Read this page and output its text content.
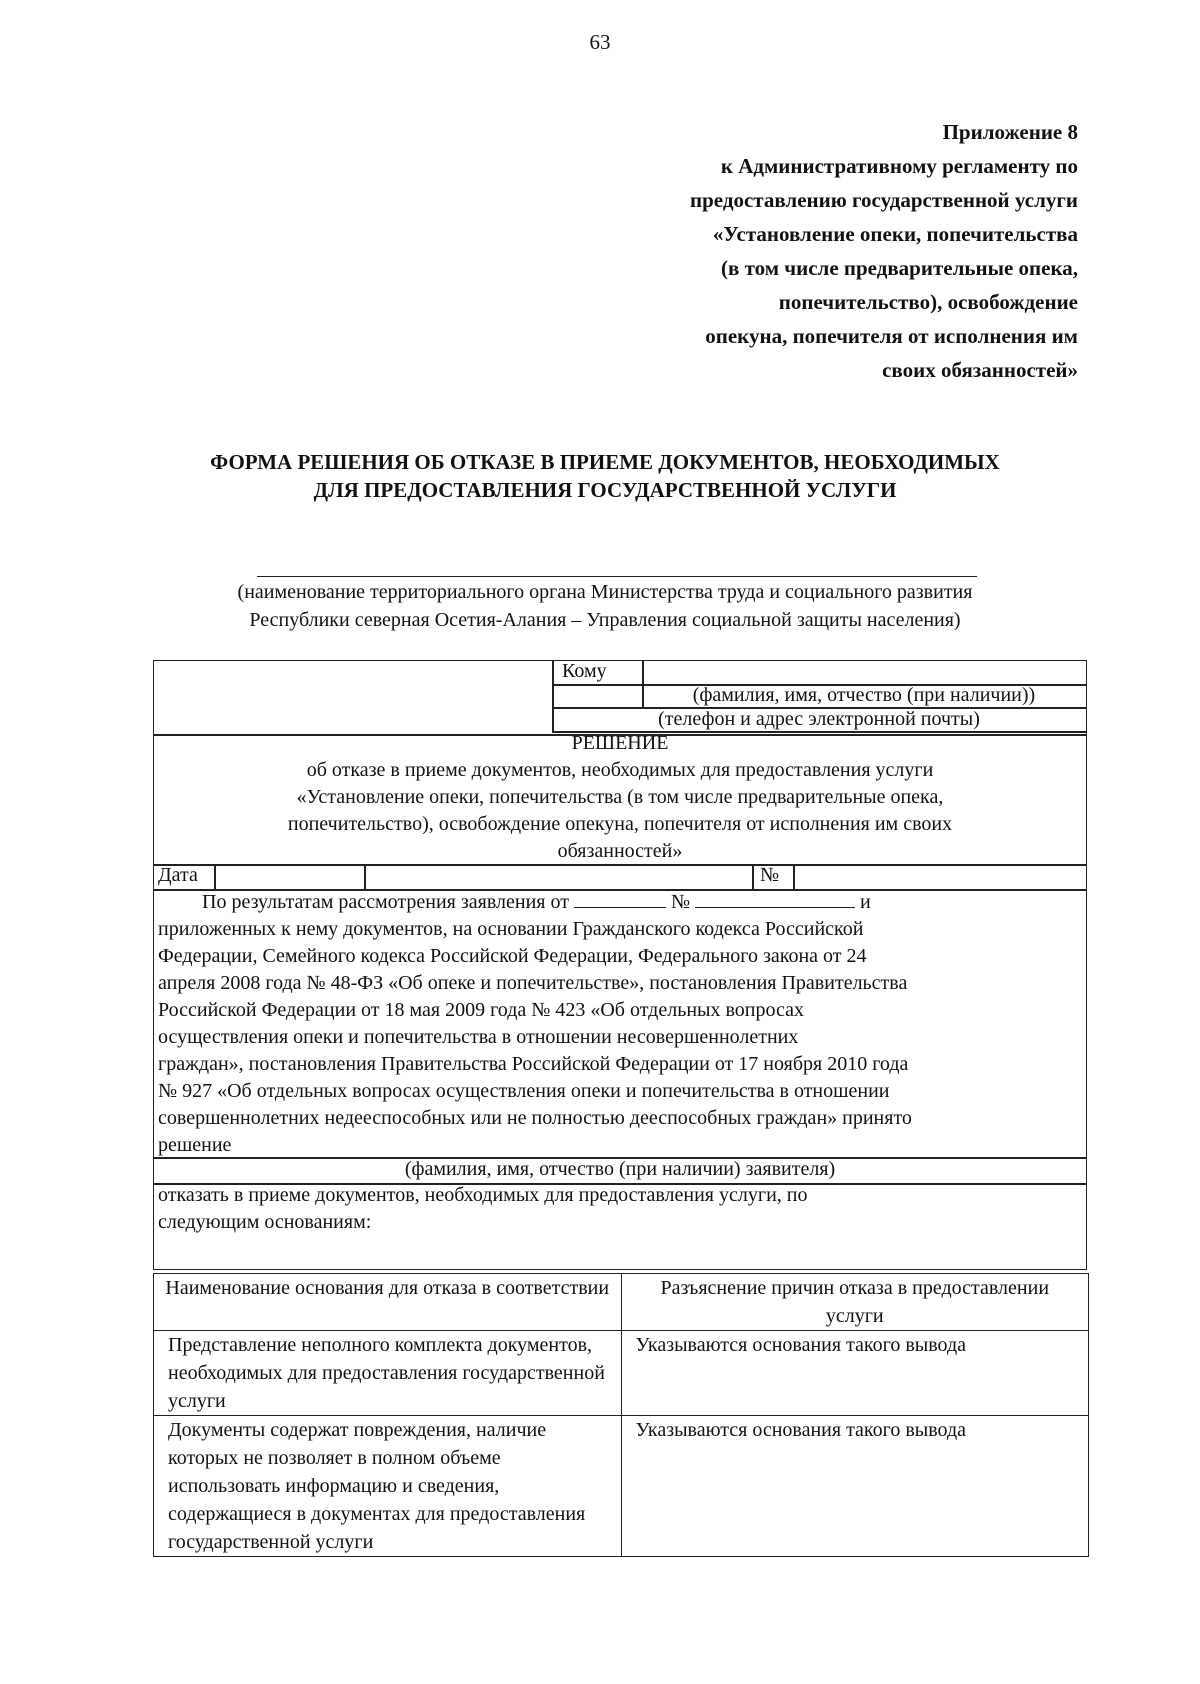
63
Приложение 8
к Административному регламенту по
предоставлению государственной услуги
«Установление опеки, попечительства
(в том числе предварительные опека,
попечительство), освобождение
опекуна, попечителя от исполнения им
своих обязанностей»
ФОРМА РЕШЕНИЯ ОБ ОТКАЗЕ В ПРИЕМЕ ДОКУМЕНТОВ, НЕОБХОДИМЫХ
ДЛЯ ПРЕДОСТАВЛЕНИЯ ГОСУДАРСТВЕННОЙ УСЛУГИ
(наименование территориального органа Министерства труда и социального развития
Республики северная Осетия-Алания – Управления социальной защиты населения)
Кому
(фамилия, имя, отчество (при наличии))
(телефон и адрес электронной почты)
РЕШЕНИЕ
об отказе в приеме документов, необходимых для предоставления услуги
«Установление опеки, попечительства (в том числе предварительные опека,
попечительство), освобождение опекуна, попечителя от исполнения им своих
обязанностей»
Дата	№
По результатам рассмотрения заявления от	№	и
приложенных к нему документов, на основании Гражданского кодекса Российской
Федерации, Семейного кодекса Российской Федерации, Федерального закона от 24
апреля 2008 года № 48-ФЗ «Об опеке и попечительстве», постановления Правительства
Российской Федерации от 18 мая 2009 года № 423 «Об отдельных вопросах
осуществления опеки и попечительства в отношении несовершеннолетних
граждан», постановления Правительства Российской Федерации от 17 ноября 2010 года
№ 927 «Об отдельных вопросах осуществления опеки и попечительства в отношении
совершеннолетних недееспособных или не полностью дееспособных граждан» принято
решение
(фамилия, имя, отчество (при наличии) заявителя)
отказать в приеме документов, необходимых для предоставления услуги, по
следующим основаниям:
Наименование основания для отказа в соответствии	Разъяснение причин отказа в предоставлении услуги
Представление неполного комплекта документов, необходимых для предоставления государственной услуги	Указываются основания такого вывода
Документы содержат повреждения, наличие которых не позволяет в полном объеме использовать информацию и сведения, содержащиеся в документах для предоставления государственной услуги	Указываются основания такого вывода
